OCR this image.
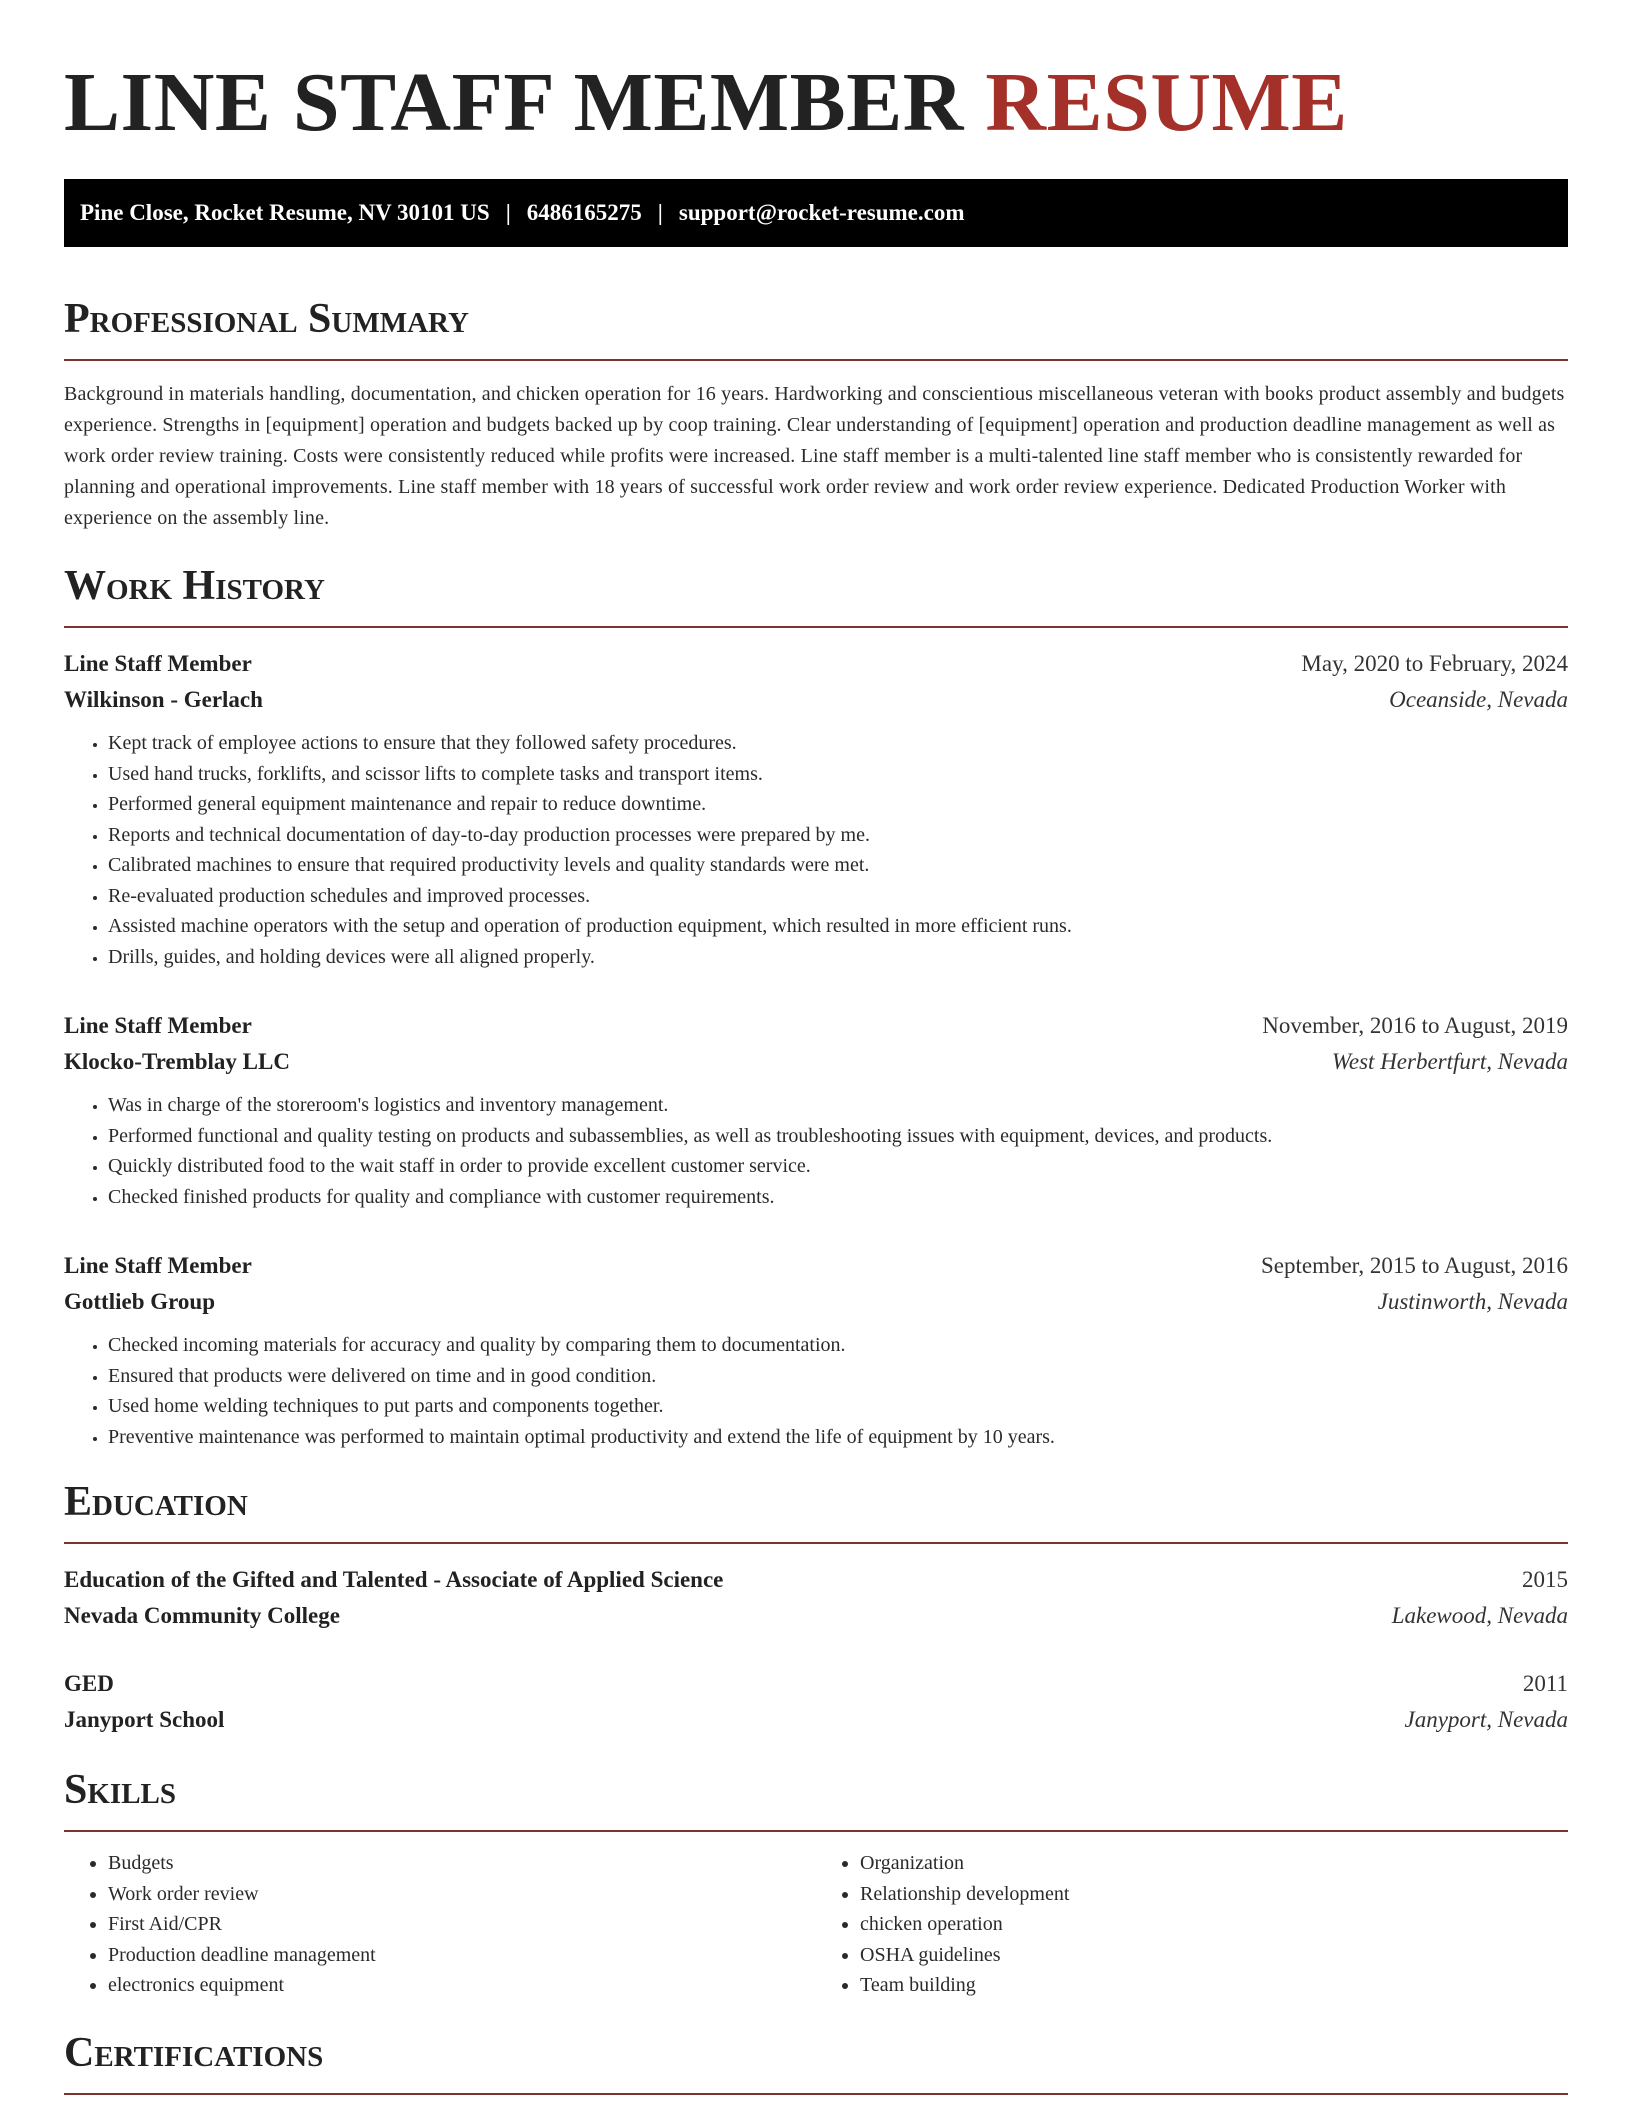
LINE STAFF MEMBER RESUME
Pine Close, Rocket Resume, NV 30101 US | 6486165275 | support@rocket-resume.com
Professional Summary

Background in materials handling, documentation, and chicken operation for 16 years. Hardworking and conscientious miscellaneous veteran with books product assembly and budgets experience. Strengths in [equipment] operation and budgets backed up by coop training. Clear understanding of [equipment] operation and production deadline management as well as work order review training. Costs were consistently reduced while profits were increased. Line staff member is a multi-talented line staff member who is consistently rewarded for planning and operational improvements. Line staff member with 18 years of successful work order review and work order review experience. Dedicated Production Worker with experience on the assembly line.

Work History
Line Staff Member	May, 2020 to February, 2024
Wilkinson - Gerlach	Oceanside, Nevada
• Kept track of employee actions to ensure that they followed safety procedures.
• Used hand trucks, forklifts, and scissor lifts to complete tasks and transport items.
• Performed general equipment maintenance and repair to reduce downtime.
• Reports and technical documentation of day-to-day production processes were prepared by me.
• Calibrated machines to ensure that required productivity levels and quality standards were met.
• Re-evaluated production schedules and improved processes.
• Assisted machine operators with the setup and operation of production equipment, which resulted in more efficient runs.
• Drills, guides, and holding devices were all aligned properly.
Line Staff Member	November, 2016 to August, 2019
Klocko-Tremblay LLC	West Herbertfurt, Nevada
• Was in charge of the storeroom's logistics and inventory management.
• Performed functional and quality testing on products and subassemblies, as well as troubleshooting issues with equipment, devices, and products.
• Quickly distributed food to the wait staff in order to provide excellent customer service.
• Checked finished products for quality and compliance with customer requirements.
Line Staff Member	September, 2015 to August, 2016
Gottlieb Group	Justinworth, Nevada
• Checked incoming materials for accuracy and quality by comparing them to documentation.
• Ensured that products were delivered on time and in good condition.
• Used home welding techniques to put parts and components together.
• Preventive maintenance was performed to maintain optimal productivity and extend the life of equipment by 10 years.
Education
Education of the Gifted and Talented - Associate of Applied Science	2015
Nevada Community College	Lakewood, Nevada
GED	2011
Janyport School	Janyport, Nevada
Skills
• Budgets
• Work order review
• First Aid/CPR
• Production deadline management
• electronics equipment
• Organization
• Relationship development
• chicken operation
• OSHA guidelines
• Team building
Certifications
